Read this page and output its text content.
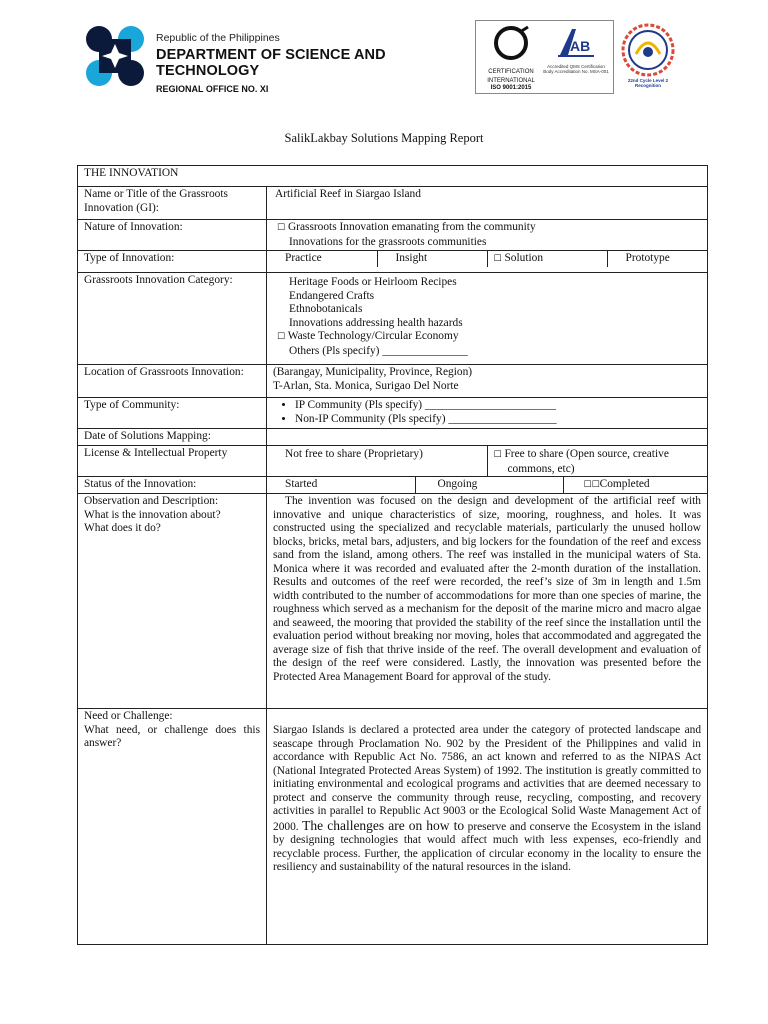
Republic of the Philippines
DEPARTMENT OF SCIENCE AND TECHNOLOGY
REGIONAL OFFICE NO. XI
CERTIFICATION
INTERNATIONAL
ISO 9001:2015
AB
Accredited QMS Certification Body Accreditation No. MSA-001
22nd Cycle Level 2 Recognition
SalikLakbay Solutions Mapping Report
THE INNOVATION
Name or Title of the Grassroots Innovation (GI):	
Artificial Reef in Siargao Island

Nature of Innovation:	☐ Grassroots Innovation emanating from the community
Innovations for the grassroots communities

Type of Innovation:		Practice	Insight	☐ Solution	Prototype

Grassroots Innovation Category:	Heritage Foods or Heirloom Recipes
Endangered Crafts
Ethnobotanicals
Innovations addressing health hazards
☐ Waste Technology/Circular Economy
Others (Pls specify) _______________

Location of Grassroots Innovation:	(Barangay, Municipality, Province, Region)
T-Arlan, Sta. Monica, Surigao Del Norte

Type of Community:	
•IP Community (Pls specify) _______________________
• Non-IP Community (Pls specify) ___________________

Date of Solutions Mapping:	
License & Intellectual Property		Not free to share (Proprietary)	☐ Free to share (Open source, creative
commons, etc)

Status of the Innovation:		Started	Ongoing	☐☐Completed

Observation and Description:
What is the innovation about?
What does it do?
	The invention was focused on the design and development of the artificial reef with innovative and unique characteristics of size, mooring, roughness, and holes. It was constructed using the specialized and recyclable materials, particularly the unused hollow blocks, bricks, metal bars, adjusters, and big lockers for the foundation of the reef and excess sand from the island, among others. The reef was installed in the municipal waters of Sta. Monica where it was recorded and evaluated after the 2-month duration of the installation. Results and outcomes of the reef were recorded, the reef’s size of 3m in length and 1.5m width contributed to the number of accommodations for more than one species of marine, the roughness which served as a mechanism for the deposit of the marine micro and macro algae and seaweed, the mooring that provided the stability of the reef since the installation until the evaluation period without breaking nor moving, holes that accommodated and aggregated the average size of fish that thrive inside of the reef. The overall development and evaluation of the design of the reef were considered. Lastly, the innovation was presented before the Protected Area Management Board for approval of the study.

Need or Challenge:
What need, or challenge does this answer?
	Siargao Islands is declared a protected area under the category of protected landscape and seascape through Proclamation No. 902 by the President of the Philippines and valid in accordance with Republic Act No. 7586, an act known and referred to as the NIPAS Act (National Integrated Protected Areas System) of 1992. The institution is greatly committed to initiating environmental and ecological programs and activities that are deemed necessary to protect and conserve the community through reuse, recycling, composting, and recovery activities in parallel to Republic Act 9003 or the Ecological Solid Waste Management Act of 2000. The challenges are on how to preserve and conserve the Ecosystem in the island by designing technologies that would affect much with less expenses, eco-friendly and recyclable process. Further, the application of circular economy in the locality to ensure the resiliency and sustainability of the natural resources in the island.
